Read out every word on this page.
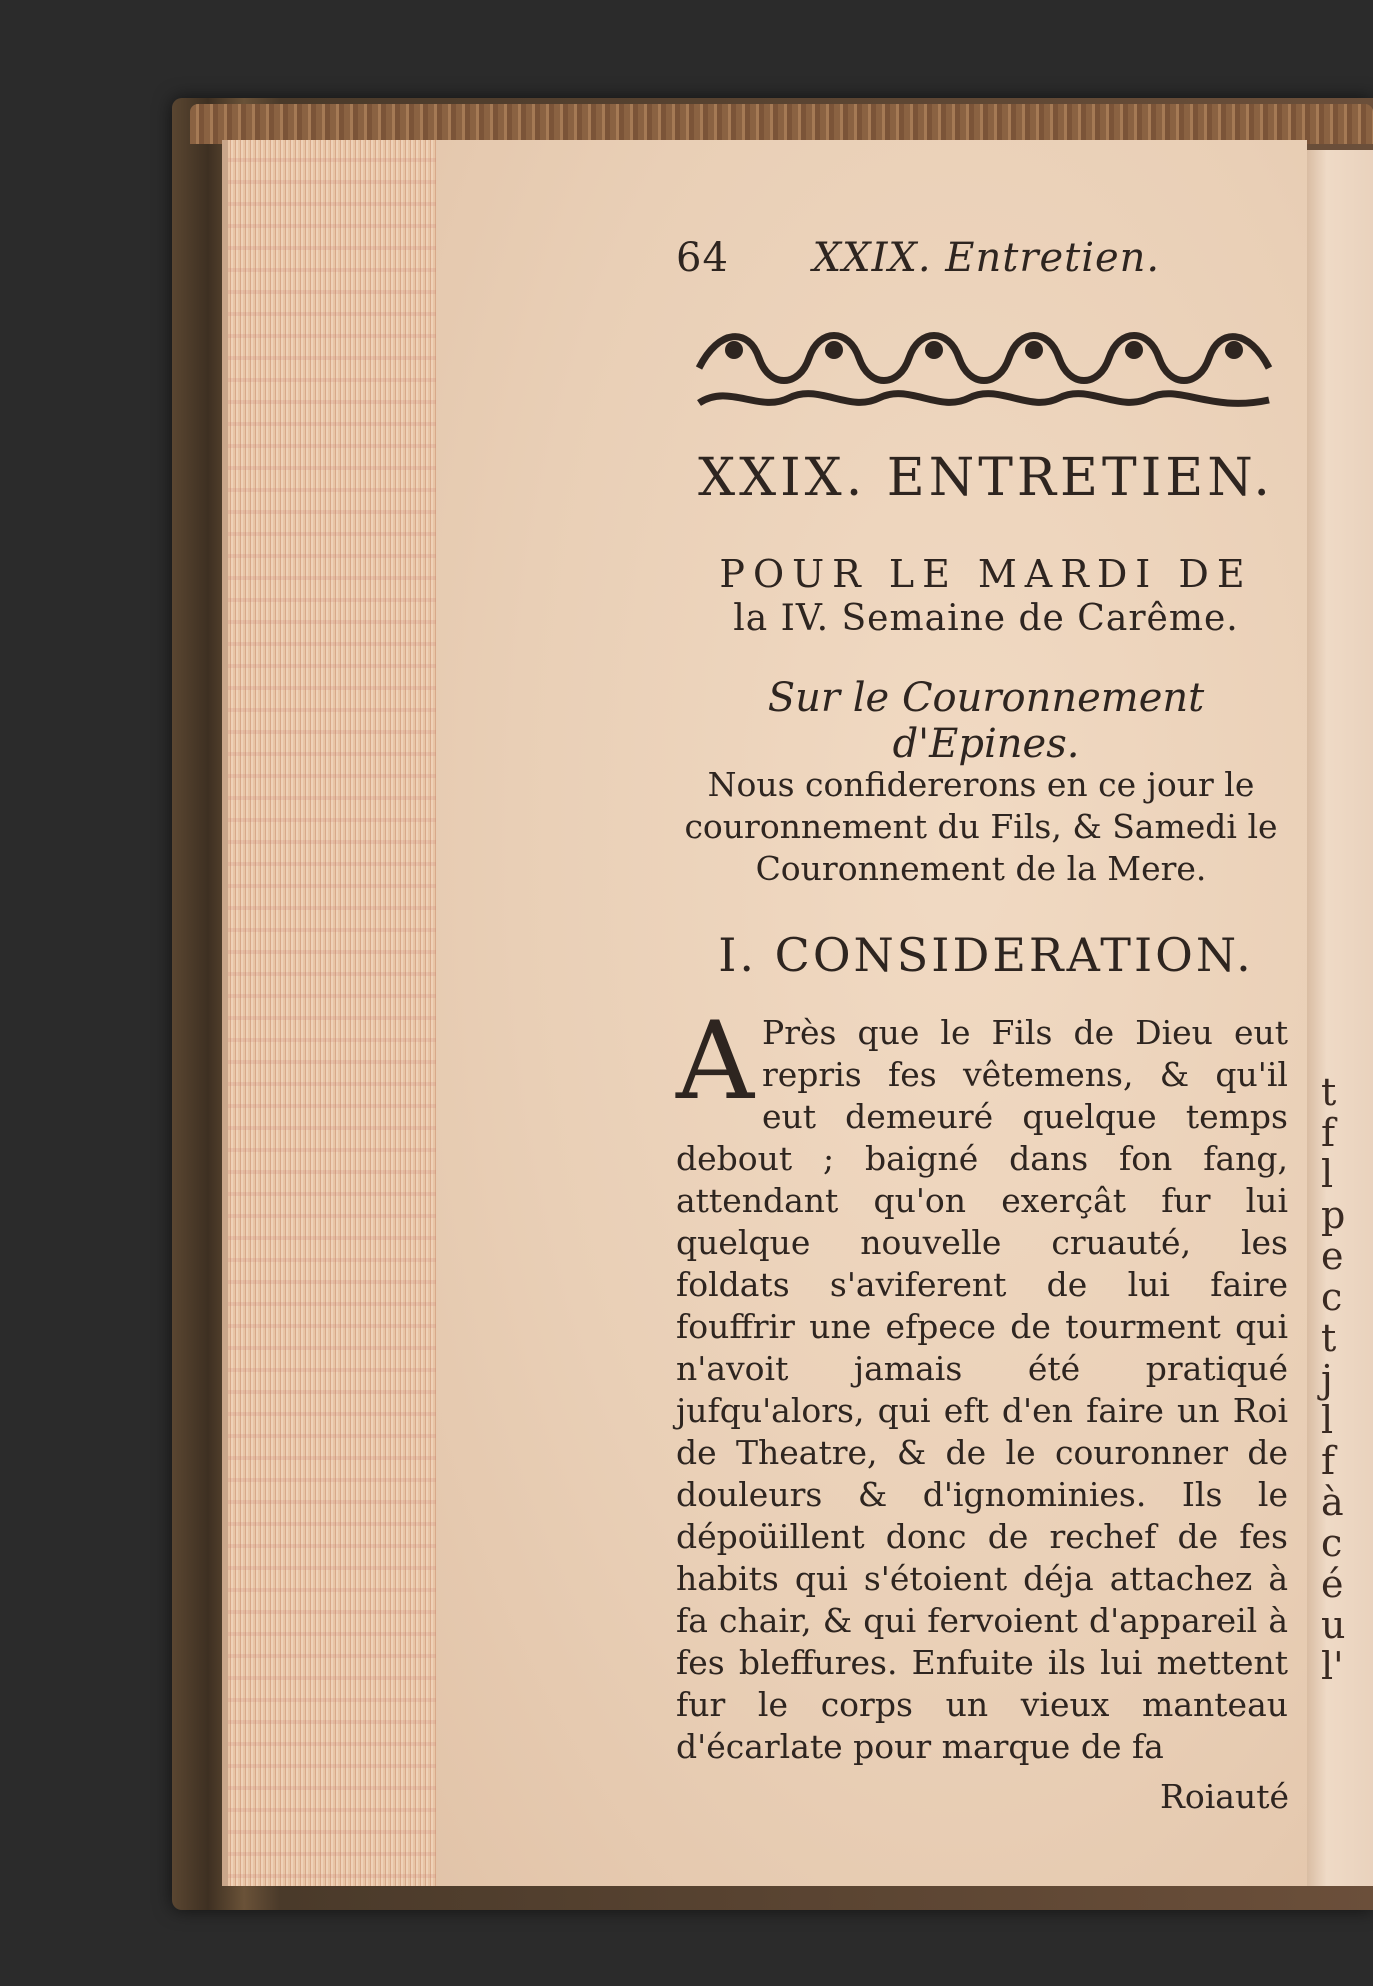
t
f
l
p
e
c
t
j
l
f
à
c
é
u
l'
64 XXIX. Entretien.
XXIX. ENTRETIEN.
POUR LE MARDI DE
la IV. Semaine de Carême.
Sur le Couronnement d'Epines.
Nous confidererons en ce jour le couronnement du Fils, & Samedi le Couronnement de la Mere.
I. CONSIDERATION.
A Près que le Fils de Dieu eut repris fes vêtemens, & qu'il eut demeuré quelque temps debout ; baigné dans fon fang, attendant qu'on exerçât fur lui quelque nouvelle cruauté, les foldats s'aviferent de lui faire fouffrir une efpece de tourment qui n'avoit jamais été pratiqué jufqu'alors, qui eft d'en faire un Roi de Theatre, & de le couronner de douleurs & d'ignominies. Ils le dépoüillent donc de rechef de fes habits qui s'étoient déja attachez à fa chair, & qui fervoient d'appareil à fes bleffures. Enfuite ils lui mettent fur le corps un vieux manteau d'écarlate pour marque de fa
Roiauté
